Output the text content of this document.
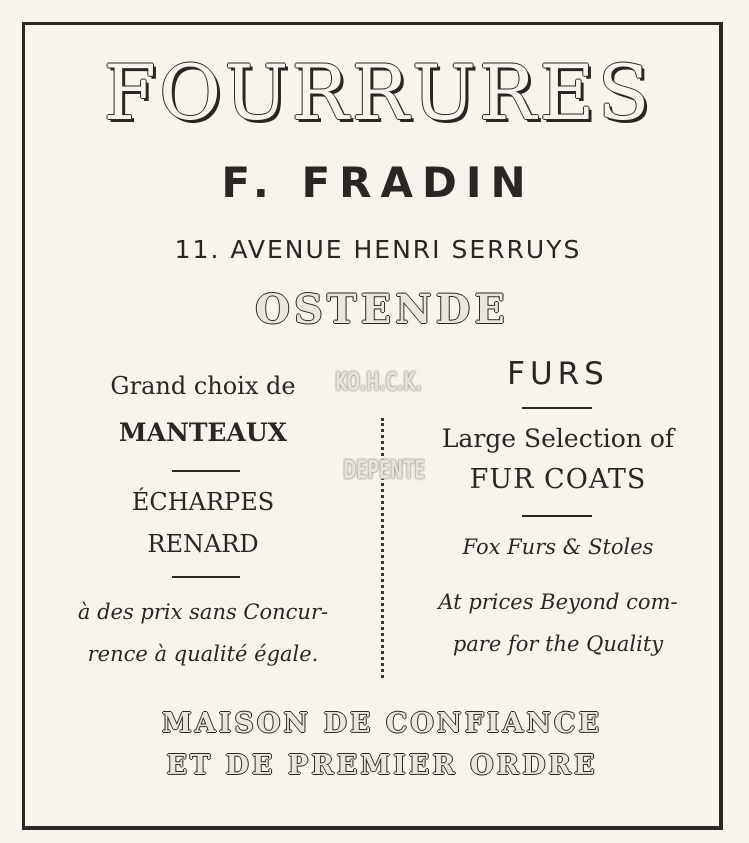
FOURRURES
F. FRADIN
11. AVENUE HENRI SERRUYS
OSTENDE
Grand choix de
MANTEAUX
ÉCHARPES
RENARD
à des prix sans Concur-
rence à qualité égale.
KO.H.C.K.
DEPENTE
FURS
Large Selection of
FUR COATS
Fox Furs & Stoles
At prices Beyond com-
pare for the Quality
MAISON DE CONFIANCE
ET DE PREMIER ORDRE
